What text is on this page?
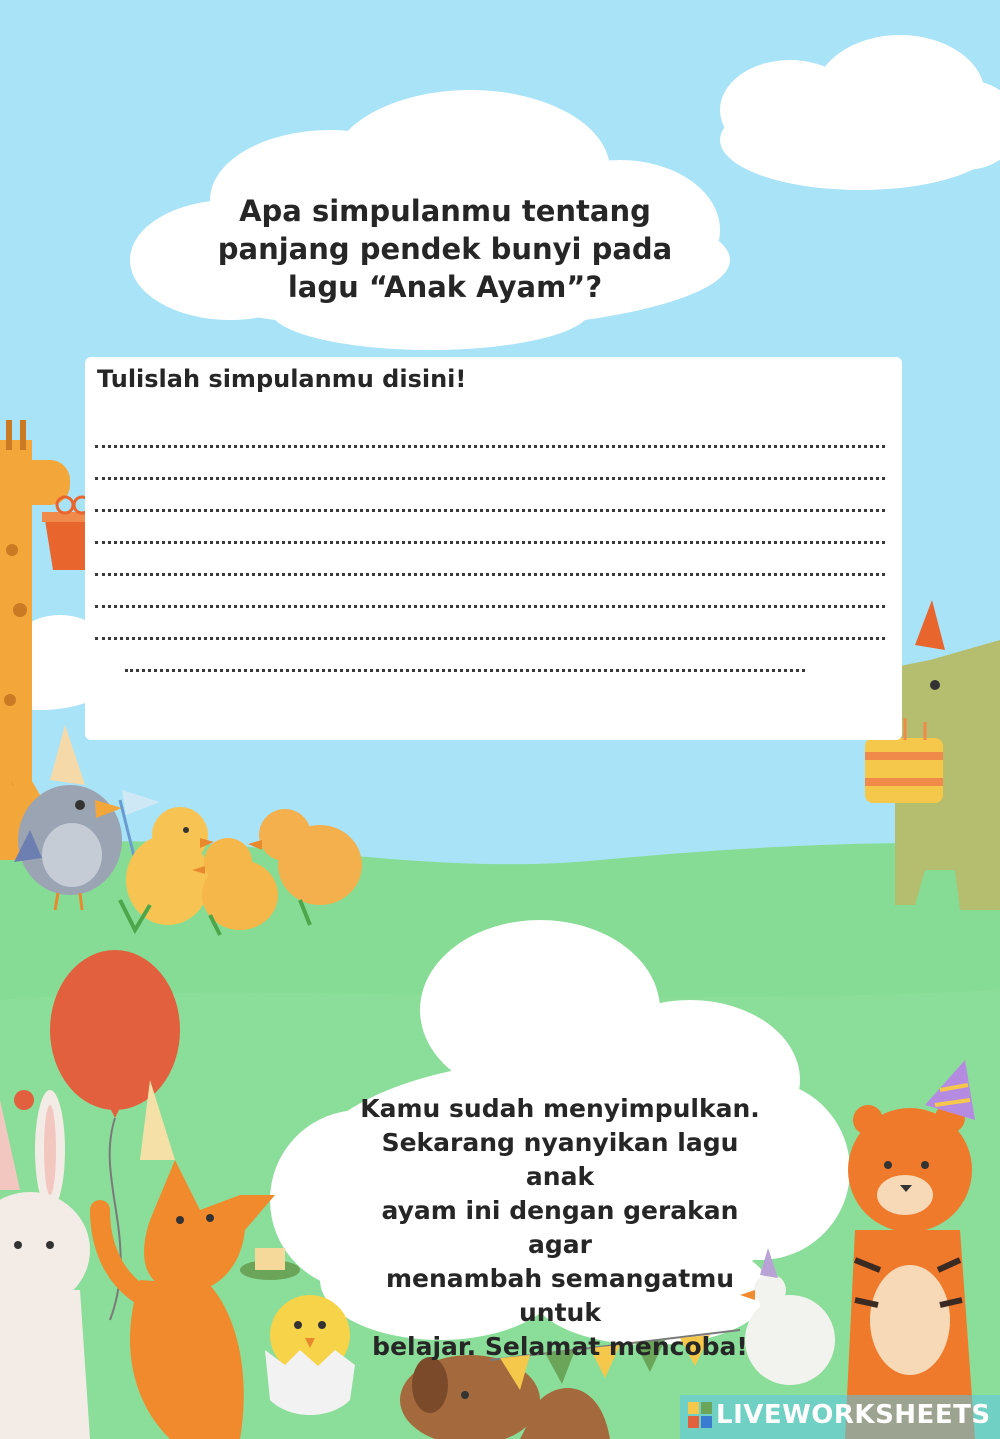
Apa simpulanmu tentang
panjang pendek bunyi pada
lagu “Anak Ayam”?
Tulislah simpulanmu disini!
Kamu sudah menyimpulkan.
Sekarang nyanyikan lagu anak
ayam ini dengan gerakan agar
menambah semangatmu untuk
belajar. Selamat mencoba!
LIVEWORKSHEETS
